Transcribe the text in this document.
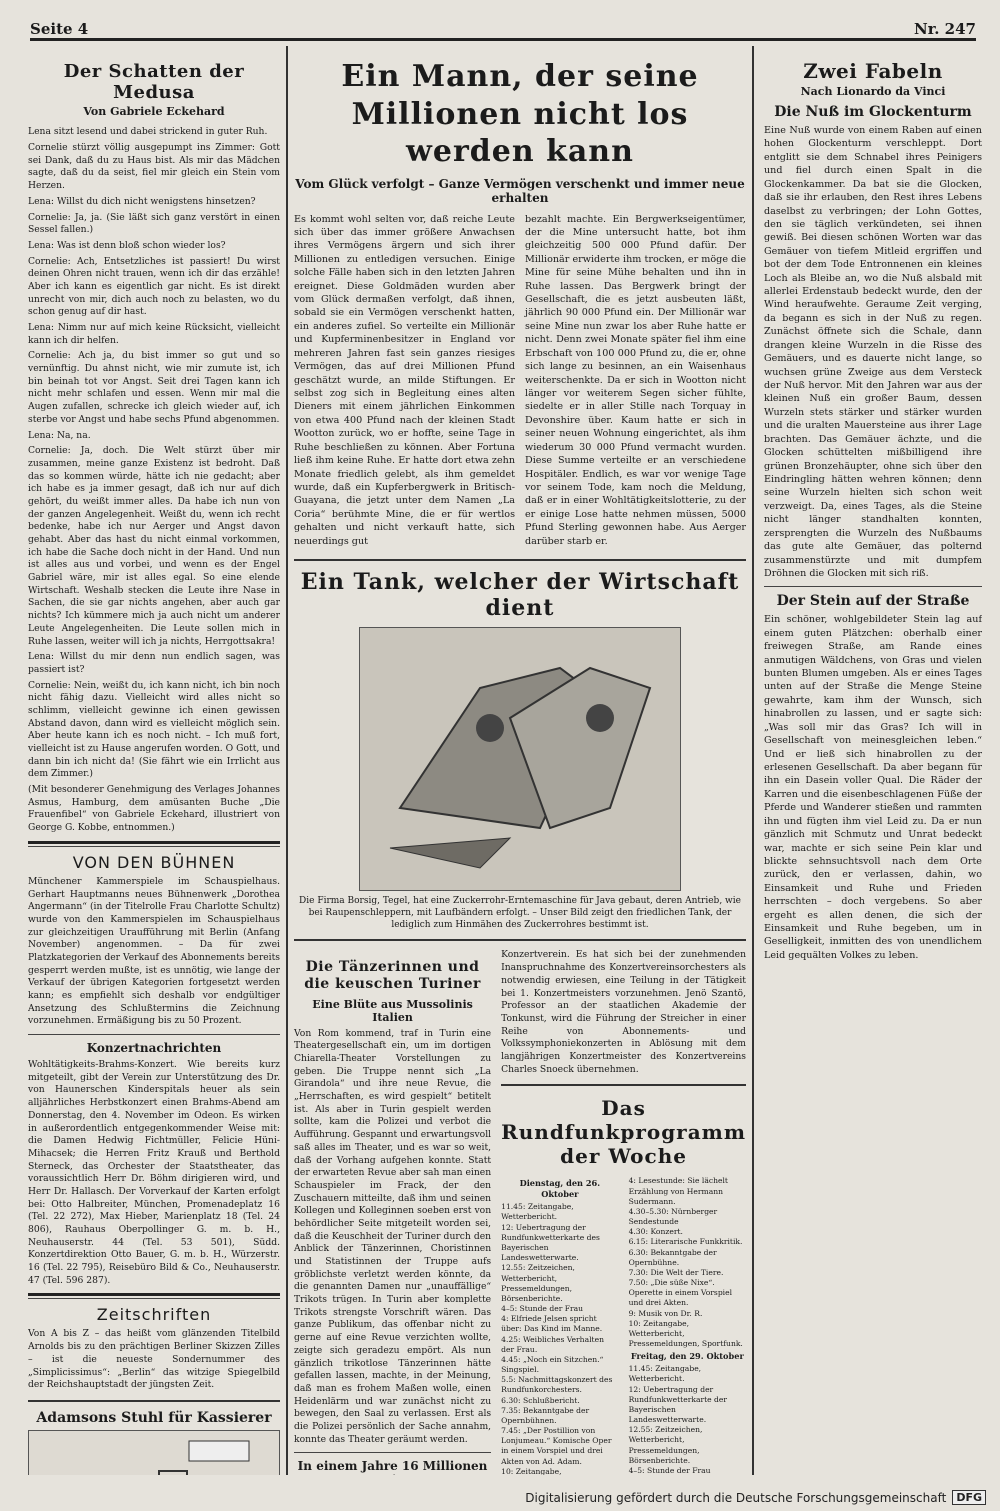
Seite 4	Nr. 247
Der Schatten der Medusa
Von Gabriele Eckehard

Lena sitzt lesend und dabei strickend in guter Ruh.

Cornelie stürzt völlig ausgepumpt ins Zimmer: Gott sei Dank, daß du zu Haus bist. Als mir das Mädchen sagte, daß du da seist, fiel mir gleich ein Stein vom Herzen.

Lena: Willst du dich nicht wenigstens hinsetzen?

Cornelie: Ja, ja. (Sie läßt sich ganz verstört in einen Sessel fallen.)

Lena: Was ist denn bloß schon wieder los?

Cornelie: Ach, Entsetzliches ist passiert! Du wirst deinen Ohren nicht trauen, wenn ich dir das erzähle! Aber ich kann es eigentlich gar nicht. Es ist direkt unrecht von mir, dich auch noch zu belasten, wo du schon genug auf dir hast.

Lena: Nimm nur auf mich keine Rücksicht, vielleicht kann ich dir helfen.

Cornelie: Ach ja, du bist immer so gut und so vernünftig. Du ahnst nicht, wie mir zumute ist, ich bin beinah tot vor Angst. Seit drei Tagen kann ich nicht mehr schlafen und essen. Wenn mir mal die Augen zufallen, schrecke ich gleich wieder auf, ich sterbe vor Angst und habe sechs Pfund abgenommen.

Lena: Na, na.

Cornelie: Ja, doch. Die Welt stürzt über mir zusammen, meine ganze Existenz ist bedroht. Daß das so kommen würde, hätte ich nie gedacht; aber ich habe es ja immer gesagt, daß ich nur auf dich gehört, du weißt immer alles. Da habe ich nun von der ganzen Angelegenheit. Weißt du, wenn ich recht bedenke, habe ich nur Aerger und Angst davon gehabt. Aber das hast du nicht einmal vorkommen, ich habe die Sache doch nicht in der Hand. Und nun ist alles aus und vorbei, und wenn es der Engel Gabriel wäre, mir ist alles egal. So eine elende Wirtschaft. Weshalb stecken die Leute ihre Nase in Sachen, die sie gar nichts angehen, aber auch gar nichts? Ich kümmere mich ja auch nicht um anderer Leute Angelegenheiten. Die Leute sollen mich in Ruhe lassen, weiter will ich ja nichts, Herrgottsakra!

Lena: Willst du mir denn nun endlich sagen, was passiert ist?

Cornelie: Nein, weißt du, ich kann nicht, ich bin noch nicht fähig dazu. Vielleicht wird alles nicht so schlimm, vielleicht gewinne ich einen gewissen Abstand davon, dann wird es vielleicht möglich sein. Aber heute kann ich es noch nicht. – Ich muß fort, vielleicht ist zu Hause angerufen worden. O Gott, und dann bin ich nicht da! (Sie fährt wie ein Irrlicht aus dem Zimmer.)

(Mit besonderer Genehmigung des Verlages Johannes Asmus, Hamburg, dem amüsanten Buche „Die Frauenfibel“ von Gabriele Eckehard, illustriert von George G. Kobbe, entnommen.)

VON DEN BÜHNEN

Münchener Kammerspiele im Schauspielhaus. Gerhart Hauptmanns neues Bühnenwerk „Dorothea Angermann“ (in der Titelrolle Frau Charlotte Schultz) wurde von den Kammerspielen im Schauspielhaus zur gleichzeitigen Uraufführung mit Berlin (Anfang November) angenommen. – Da für zwei Platzkategorien der Verkauf des Abonnements bereits gesperrt werden mußte, ist es unnötig, wie lange der Verkauf der übrigen Kategorien fortgesetzt werden kann; es empfiehlt sich deshalb vor endgültiger Ansetzung des Schlußtermins die Zeichnung vorzunehmen. Ermäßigung bis zu 50 Prozent.

Konzertnachrichten

Wohltätigkeits-Brahms-Konzert. Wie bereits kurz mitgeteilt, gibt der Verein zur Unterstützung des Dr. von Haunerschen Kinderspitals heuer als sein alljährliches Herbstkonzert einen Brahms-Abend am Donnerstag, den 4. November im Odeon. Es wirken in außerordentlich entgegenkommender Weise mit: die Damen Hedwig Fichtmüller, Felicie Hüni-Mihacsek; die Herren Fritz Krauß und Berthold Sterneck, das Orchester der Staatstheater, das voraussichtlich Herr Dr. Böhm dirigieren wird, und Herr Dr. Hallasch. Der Vorverkauf der Karten erfolgt bei: Otto Halbreiter, München, Promenadeplatz 16 (Tel. 22 272), Max Hieber, Marienplatz 18 (Tel. 24 806), Rauhaus Oberpollinger G. m. b. H., Neuhauserstr. 44 (Tel. 53 501), Südd. Konzertdirektion Otto Bauer, G. m. b. H., Würzerstr. 16 (Tel. 22 795), Reisebüro Bild & Co., Neuhauserstr. 47 (Tel. 596 287).

Zeitschriften

Von A bis Z – das heißt vom glänzenden Titelbild Arnolds bis zu den prächtigen Berliner Skizzen Zilles – ist die neueste Sondernummer des „Simplicissimus“: „Berlin“ das witzige Spiegelbild der Reichshauptstadt der jüngsten Zeit.

Adamsons Stuhl für Kassierer
Ein Mann, der seine Millionen nicht los werden kann
Vom Glück verfolgt – Ganze Vermögen verschenkt und immer neue erhalten

Es kommt wohl selten vor, daß reiche Leute sich über das immer größere Anwachsen ihres Vermögens ärgern und sich ihrer Millionen zu entledigen versuchen. Einige solche Fälle haben sich in den letzten Jahren ereignet. Diese Goldmäden wurden aber vom Glück dermaßen verfolgt, daß ihnen, sobald sie ein Vermögen verschenkt hatten, ein anderes zufiel. So verteilte ein Millionär und Kupferminenbesitzer in England vor mehreren Jahren fast sein ganzes riesiges Vermögen, das auf drei Millionen Pfund geschätzt wurde, an milde Stiftungen. Er selbst zog sich in Begleitung eines alten Dieners mit einem jährlichen Einkommen von etwa 400 Pfund nach der kleinen Stadt Wootton zurück, wo er hoffte, seine Tage in Ruhe beschließen zu können. Aber Fortuna ließ ihm keine Ruhe. Er hatte dort etwa zehn Monate friedlich gelebt, als ihm gemeldet wurde, daß ein Kupferbergwerk in Britisch-Guayana, die jetzt unter dem Namen „La Coria“ berühmte Mine, die er für wertlos gehalten und nicht verkauft hatte, sich neuerdings gut

bezahlt machte. Ein Bergwerkseigentümer, der die Mine untersucht hatte, bot ihm gleichzeitig 500 000 Pfund dafür. Der Millionär erwiderte ihm trocken, er möge die Mine für seine Mühe behalten und ihn in Ruhe lassen. Das Bergwerk bringt der Gesellschaft, die es jetzt ausbeuten läßt, jährlich 90 000 Pfund ein. Der Millionär war seine Mine nun zwar los aber Ruhe hatte er nicht. Denn zwei Monate später fiel ihm eine Erbschaft von 100 000 Pfund zu, die er, ohne sich lange zu besinnen, an ein Waisenhaus weiterschenkte. Da er sich in Wootton nicht länger vor weiterem Segen sicher fühlte, siedelte er in aller Stille nach Torquay in Devonshire über. Kaum hatte er sich in seiner neuen Wohnung eingerichtet, als ihm wiederum 30 000 Pfund vermacht wurden. Diese Summe verteilte er an verschiedene Hospitäler. Endlich, es war vor wenige Tage vor seinem Tode, kam noch die Meldung, daß er in einer Wohltätigkeitslotterie, zu der er einige Lose hatte nehmen müssen, 5000 Pfund Sterling gewonnen habe. Aus Aerger darüber starb er.

Ein Tank, welcher der Wirtschaft dient

Die Firma Borsig, Tegel, hat eine Zuckerrohr-Erntemaschine für Java gebaut, deren Antrieb, wie bei Raupenschleppern, mit Laufbändern erfolgt. – Unser Bild zeigt den friedlichen Tank, der lediglich zum Hinmähen des Zuckerrohres bestimmt ist.

Die Tänzerinnen und die keuschen Turiner
Eine Blüte aus Mussolinis Italien

Von Rom kommend, traf in Turin eine Theatergesellschaft ein, um im dortigen Chiarella-Theater Vorstellungen zu geben. Die Truppe nennt sich „La Girandola“ und ihre neue Revue, die „Herrschaften, es wird gespielt“ betitelt ist. Als aber in Turin gespielt werden sollte, kam die Polizei und verbot die Aufführung. Gespannt und erwartungsvoll saß alles im Theater, und es war so weit, daß der Vorhang aufgehen konnte. Statt der erwarteten Revue aber sah man einen Schauspieler im Frack, der den Zuschauern mitteilte, daß ihm und seinen Kollegen und Kolleginnen soeben erst von behördlicher Seite mitgeteilt worden sei, daß die Keuschheit der Turiner durch den Anblick der Tänzerinnen, Choristinnen und Statistinnen der Truppe aufs gröblichste verletzt werden könnte, da die genannten Damen nur „unauffällige“ Trikots trügen. In Turin aber komplette Trikots strengste Vorschrift wären. Das ganze Publikum, das offenbar nicht zu gerne auf eine Revue verzichten wollte, zeigte sich geradezu empört. Als nun gänzlich trikotlose Tänzerinnen hätte gefallen lassen, machte, in der Meinung, daß man es frohem Maßen wolle, einen Heidenlärm und war zunächst nicht zu bewegen, den Saal zu verlassen. Erst als die Polizei persönlich der Sache annahm, konnte das Theater geräumt werden.

In einem Jahre 16 Millionen

Konzertverein. Es hat sich bei der zunehmenden Inanspruchnahme des Konzertvereinsorchesters als notwendig erwiesen, eine Teilung in der Tätigkeit bei 1. Konzertmeisters vorzunehmen. Jenö Szantö, Professor an der staatlichen Akademie der Tonkunst, wird die Führung der Streicher in einer Reihe von Abonnements- und Volkssymphoniekonzerten in Ablösung mit dem langjährigen Konzertmeister des Konzertvereins Charles Snoeck übernehmen.

Das Rundfunkprogramm der Woche
Dienstag, den 26. Oktober
11.45: Zeitangabe, Wetterbericht.
12: Uebertragung der Rundfunkwetterkarte des Bayerischen Landeswetterwarte.
12.55: Zeitzeichen, Wetterbericht, Pressemeldungen, Börsenberichte.
4–5: Stunde der Frau
4: Elfriede Jelsen spricht über: Das Kind im Manne.
4.25: Weibliches Verhalten der Frau.
4.45: „Noch ein Sitzchen.“ Singspiel.
5.5: Nachmittagskonzert des Rundfunkorchesters.
6.30: Schlußbericht.
7.35: Bekanntgabe der Opernbühnen.
7.45: „Der Postillion von Lonjumeau.“ Komische Oper in einem Vorspiel und drei Akten von Ad. Adam.
10: Zeitangabe,
4: Lesestunde: Sie lächelt Erzählung von Hermann Sudermann.
4.30–5.30: Nürnberger Sendestunde
4.30: Konzert.
6.15: Literarische Funkkritik.
6.30: Bekanntgabe der Opernbühne.
7.30: Die Welt der Tiere.
7.50: „Die süße Nixe“. Operette in einem Vorspiel und drei Akten.
9: Musik von Dr. R.
10: Zeitangabe, Wetterbericht, Pressemeldungen, Sportfunk.
Freitag, den 29. Oktober
11.45: Zeitangabe, Wetterbericht.
12: Uebertragung der Rundfunkwetterkarte der Bayerischen Landeswetterwarte.
12.55: Zeitzeichen, Wetterbericht, Pressemeldungen, Börsenberichte.
4–5: Stunde der Frau
Zwei Fabeln
Nach Lionardo da Vinci
Die Nuß im Glockenturm

Eine Nuß wurde von einem Raben auf einen hohen Glockenturm verschleppt. Dort entglitt sie dem Schnabel ihres Peinigers und fiel durch einen Spalt in die Glockenkammer. Da bat sie die Glocken, daß sie ihr erlauben, den Rest ihres Lebens daselbst zu verbringen; der Lohn Gottes, den sie täglich verkündeten, sei ihnen gewiß. Bei diesen schönen Worten war das Gemäuer von tiefem Mitleid ergriffen und bot der dem Tode Entronnenen ein kleines Loch als Bleibe an, wo die Nuß alsbald mit allerlei Erdenstaub bedeckt wurde, den der Wind heraufwehte. Geraume Zeit verging, da begann es sich in der Nuß zu regen. Zunächst öffnete sich die Schale, dann drangen kleine Wurzeln in die Risse des Gemäuers, und es dauerte nicht lange, so wuchsen grüne Zweige aus dem Versteck der Nuß hervor. Mit den Jahren war aus der kleinen Nuß ein großer Baum, dessen Wurzeln stets stärker und stärker wurden und die uralten Mauersteine aus ihrer Lage brachten. Das Gemäuer ächzte, und die Glocken schüttelten mißbilligend ihre grünen Bronzehäupter, ohne sich über den Eindringling hätten wehren können; denn seine Wurzeln hielten sich schon weit verzweigt. Da, eines Tages, als die Steine nicht länger standhalten konnten, zersprengten die Wurzeln des Nußbaums das gute alte Gemäuer, das polternd zusammenstürzte und mit dumpfem Dröhnen die Glocken mit sich riß.

Der Stein auf der Straße

Ein schöner, wohlgebildeter Stein lag auf einem guten Plätzchen: oberhalb einer freiwegen Straße, am Rande eines anmutigen Wäldchens, von Gras und vielen bunten Blumen umgeben. Als er eines Tages unten auf der Straße die Menge Steine gewahrte, kam ihm der Wunsch, sich hinabrollen zu lassen, und er sagte sich: „Was soll mir das Gras? Ich will in Gesellschaft von meinesgleichen leben.“ Und er ließ sich hinabrollen zu der erlesenen Gesellschaft. Da aber begann für ihn ein Dasein voller Qual. Die Räder der Karren und die eisenbeschlagenen Füße der Pferde und Wanderer stießen und rammten ihn und fügten ihm viel Leid zu. Da er nun gänzlich mit Schmutz und Unrat bedeckt war, machte er sich seine Pein klar und blickte sehnsuchtsvoll nach dem Orte zurück, den er verlassen, dahin, wo Einsamkeit und Ruhe und Frieden herrschten – doch vergebens. So aber ergeht es allen denen, die sich der Einsamkeit und Ruhe begeben, um in Geselligkeit, inmitten des von unendlichem Leid gequälten Volkes zu leben.

Digitalisierung gefördert durch die Deutsche Forschungsgemeinschaft DFG
